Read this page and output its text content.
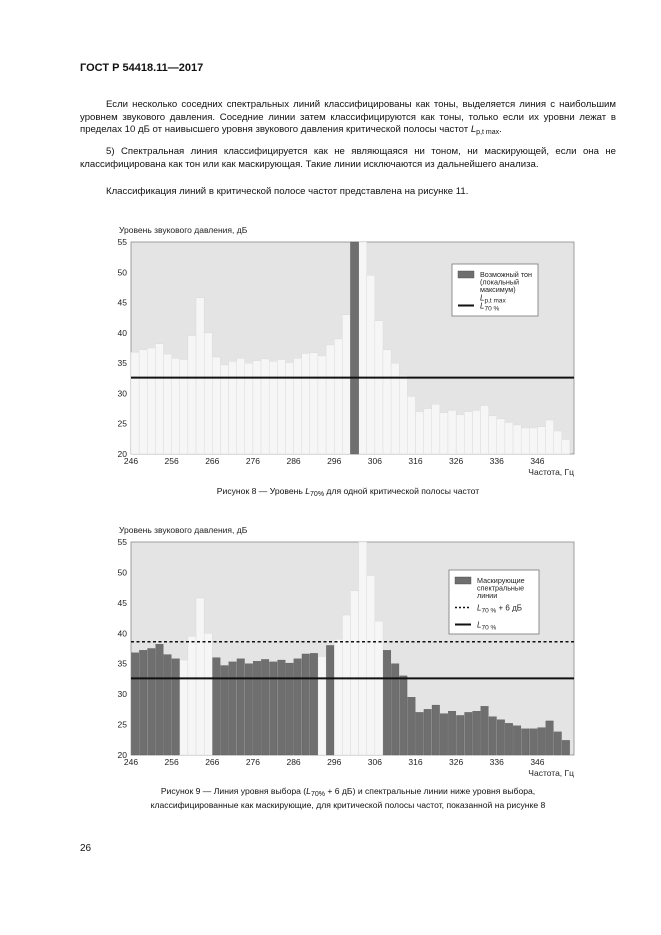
ГОСТ Р 54418.11—2017

Если несколько соседних спектральных линий классифицированы как тоны, выделяется линия с наибольшим уровнем звукового давления. Соседние линии затем классифицируются как тоны, только если их уровни лежат в пределах 10 дБ от наивысшего уровня звукового давления критической полосы частот $L_{p,t max}$.

5) Спектральная линия классифицируется как не являющаяся ни тоном, ни маскирующей, если она не классифицирована как тон или как маскирующая. Такие линии исключаются из дальнейшего анализа.

Классификация линий в критической полосе частот представлена на рисунке 11.

55
50
45
40
35
30
25
20
246	256	266	276	286	296	306	316	326	336	346
Уровень звукового давления, дБ
Частота, Гц
Возможный тон
(локальный
максимум)
$L_{p,t max}$
$L_{70 \%}$
55
50
45
40
35
30
25
20
246	256	266	276	286	296	306	316	326	336	346
Уровень звукового давления, дБ
Частота, Гц
Маскирующие
спектральные
линии
$L_{70 \%} + 6$ дБ
$L_{70 \%}$
Рисунок 8 — Уровень $L_{70\%}$ для одной критической полосы частот
Рисунок 9 — Линия уровня выбора ($L_{70\%} + 6$ дБ) и спектральные линии ниже уровня выбора,
классифицированные как маскирующие, для критической полосы частот, показанной на рисунке 8
26
